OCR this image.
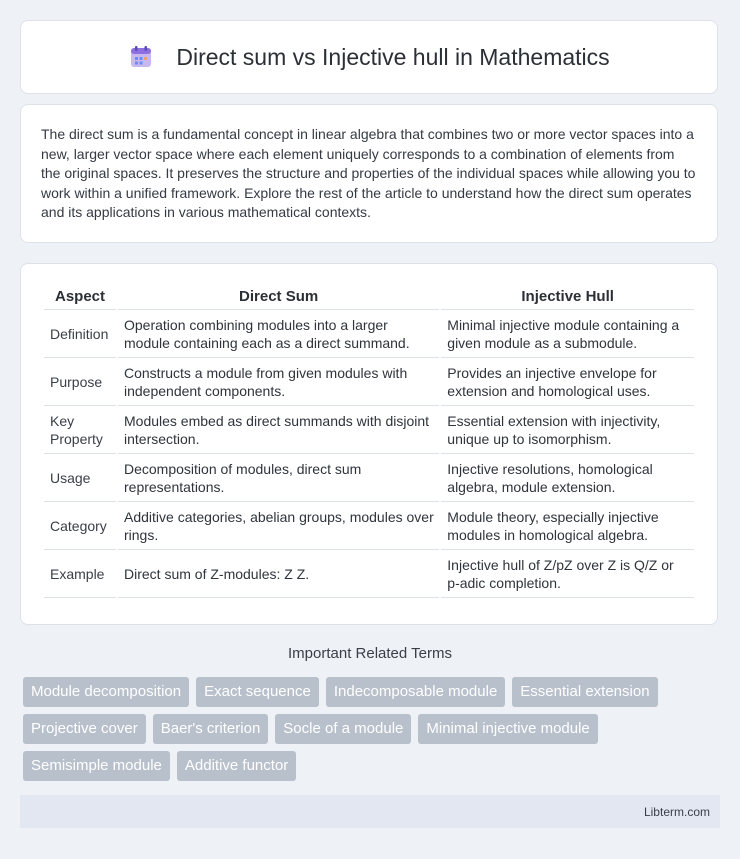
Direct sum vs Injective hull in Mathematics

The direct sum is a fundamental concept in linear algebra that combines two or more vector spaces into a new, larger vector space where each element uniquely corresponds to a combination of elements from the original spaces. It preserves the structure and properties of the individual spaces while allowing you to work within a unified framework. Explore the rest of the article to understand how the direct sum operates and its applications in various mathematical contexts.

Aspect	Direct Sum	Injective Hull
Definition	Operation combining modules into a larger module containing each as a direct summand.	Minimal injective module containing a given module as a submodule.
Purpose	Constructs a module from given modules with independent components.	Provides an injective envelope for extension and homological uses.
Key Property	Modules embed as direct summands with disjoint intersection.	Essential extension with injectivity, unique up to isomorphism.
Usage	Decomposition of modules, direct sum representations.	Injective resolutions, homological algebra, module extension.
Category	Additive categories, abelian groups, modules over rings.	Module theory, especially injective modules in homological algebra.
Example	Direct sum of Z-modules: Z Z.	Injective hull of Z/pZ over Z is Q/Z or p-adic completion.
Important Related Terms
Module decomposition	Exact sequence	Indecomposable module	Essential extension
Projective cover	Baer's criterion	Socle of a module	Minimal injective module
Semisimple module	Additive functor
Libterm.com
